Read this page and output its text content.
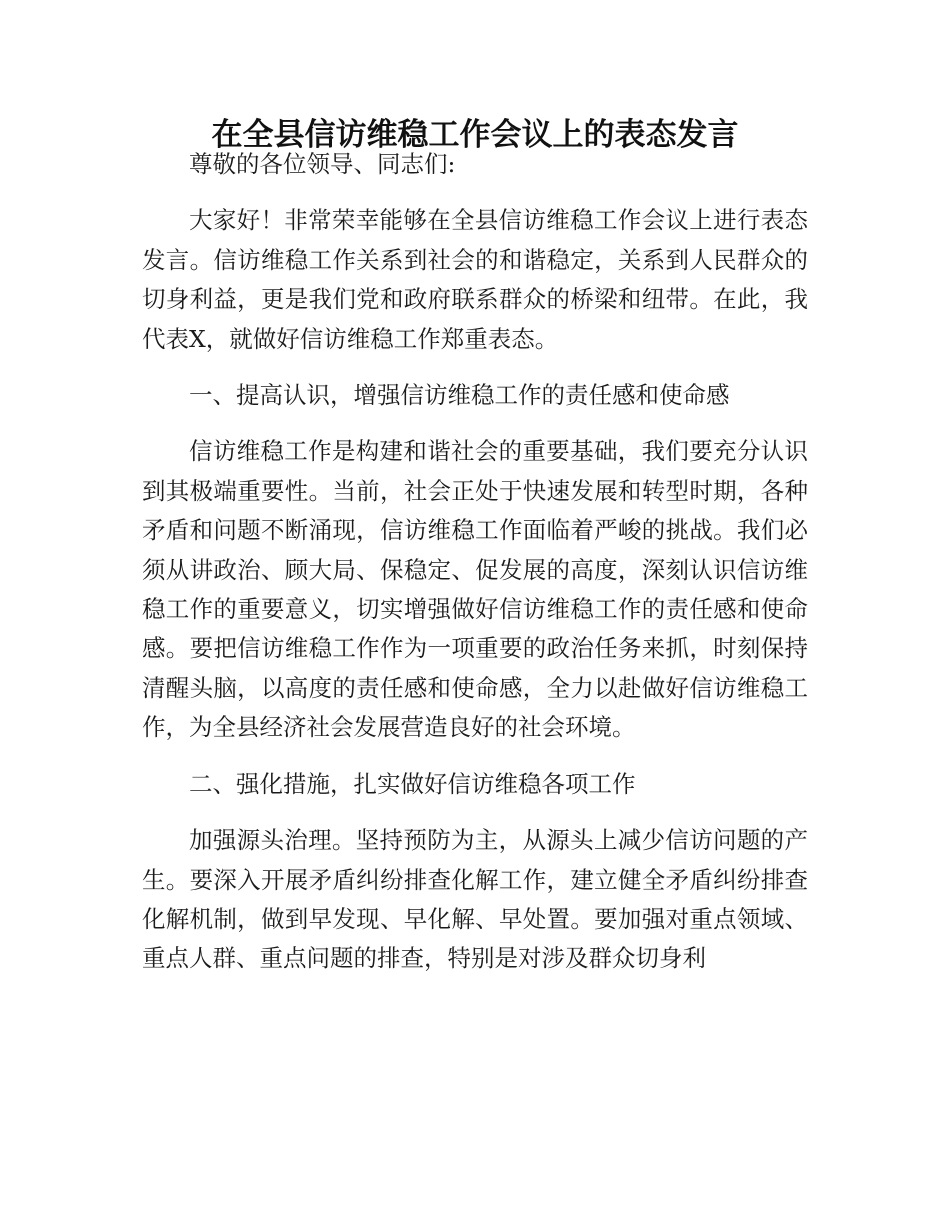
在全县信访维稳工作会议上的表态发言

尊敬的各位领导、同志们:

大家好！非常荣幸能够在全县信访维稳工作会议上进行表态发言。信访维稳工作关系到社会的和谐稳定，关系到人民群众的切身利益，更是我们党和政府联系群众的桥梁和纽带。在此，我代表X，就做好信访维稳工作郑重表态。

一、提高认识，增强信访维稳工作的责任感和使命感

信访维稳工作是构建和谐社会的重要基础，我们要充分认识到其极端重要性。当前，社会正处于快速发展和转型时期，各种矛盾和问题不断涌现，信访维稳工作面临着严峻的挑战。我们必须从讲政治、顾大局、保稳定、促发展的高度，深刻认识信访维稳工作的重要意义，切实增强做好信访维稳工作的责任感和使命感。要把信访维稳工作作为一项重要的政治任务来抓，时刻保持清醒头脑，以高度的责任感和使命感，全力以赴做好信访维稳工作，为全县经济社会发展营造良好的社会环境。

二、强化措施，扎实做好信访维稳各项工作

加强源头治理。坚持预防为主，从源头上减少信访问题的产生。要深入开展矛盾纠纷排查化解工作，建立健全矛盾纠纷排查化解机制，做到早发现、早化解、早处置。要加强对重点领域、重点人群、重点问题的排查，特别是对涉及群众切身利
